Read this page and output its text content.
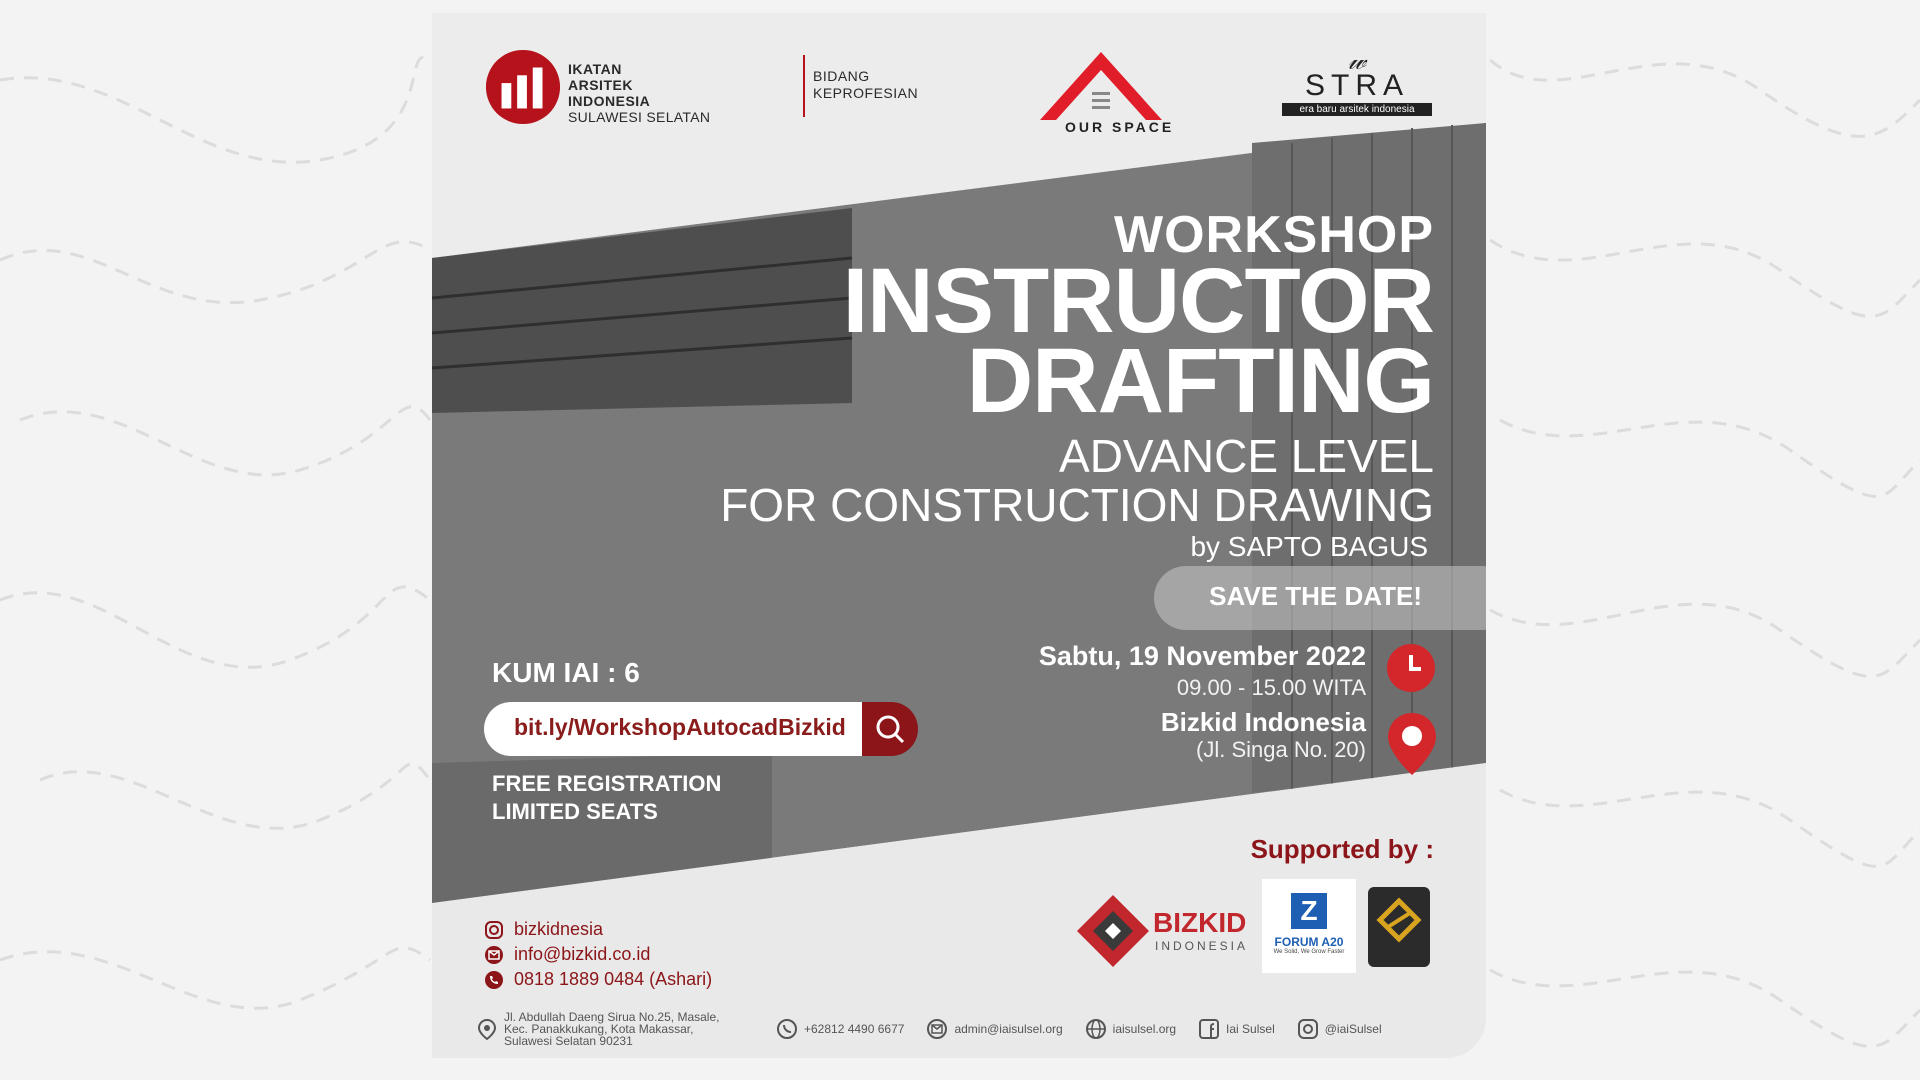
IKATAN
ARSITEK
INDONESIA
SULAWESI SELATAN
BIDANG
KEPROFESIAN
OUR SPACE
𝓌
STRA
era baru arsitek indonesia
WORKSHOP
INSTRUCTOR
DRAFTING
ADVANCE LEVEL
FOR CONSTRUCTION DRAWING
by SAPTO BAGUS
SAVE THE DATE!
Sabtu, 19 November 2022
09.00 - 15.00 WITA
Bizkid Indonesia
(Jl. Singa No. 20)
KUM IAI : 6
bit.ly/WorkshopAutocadBizkid
FREE REGISTRATION
LIMITED SEATS
Supported by :
BIZKID
INDONESIA
Z
FORUM A20
We Solid, We Grow Faster
bizkidnesia
info@bizkid.co.id
0818 1889 0484 (Ashari)
Jl. Abdullah Daeng Sirua No.25, Masale,
Kec. Panakkukang, Kota Makassar,
Sulawesi Selatan 90231
+62812 4490 6677	admin@iaisulsel.org	iaisulsel.org	Iai Sulsel	@iaiSulsel
